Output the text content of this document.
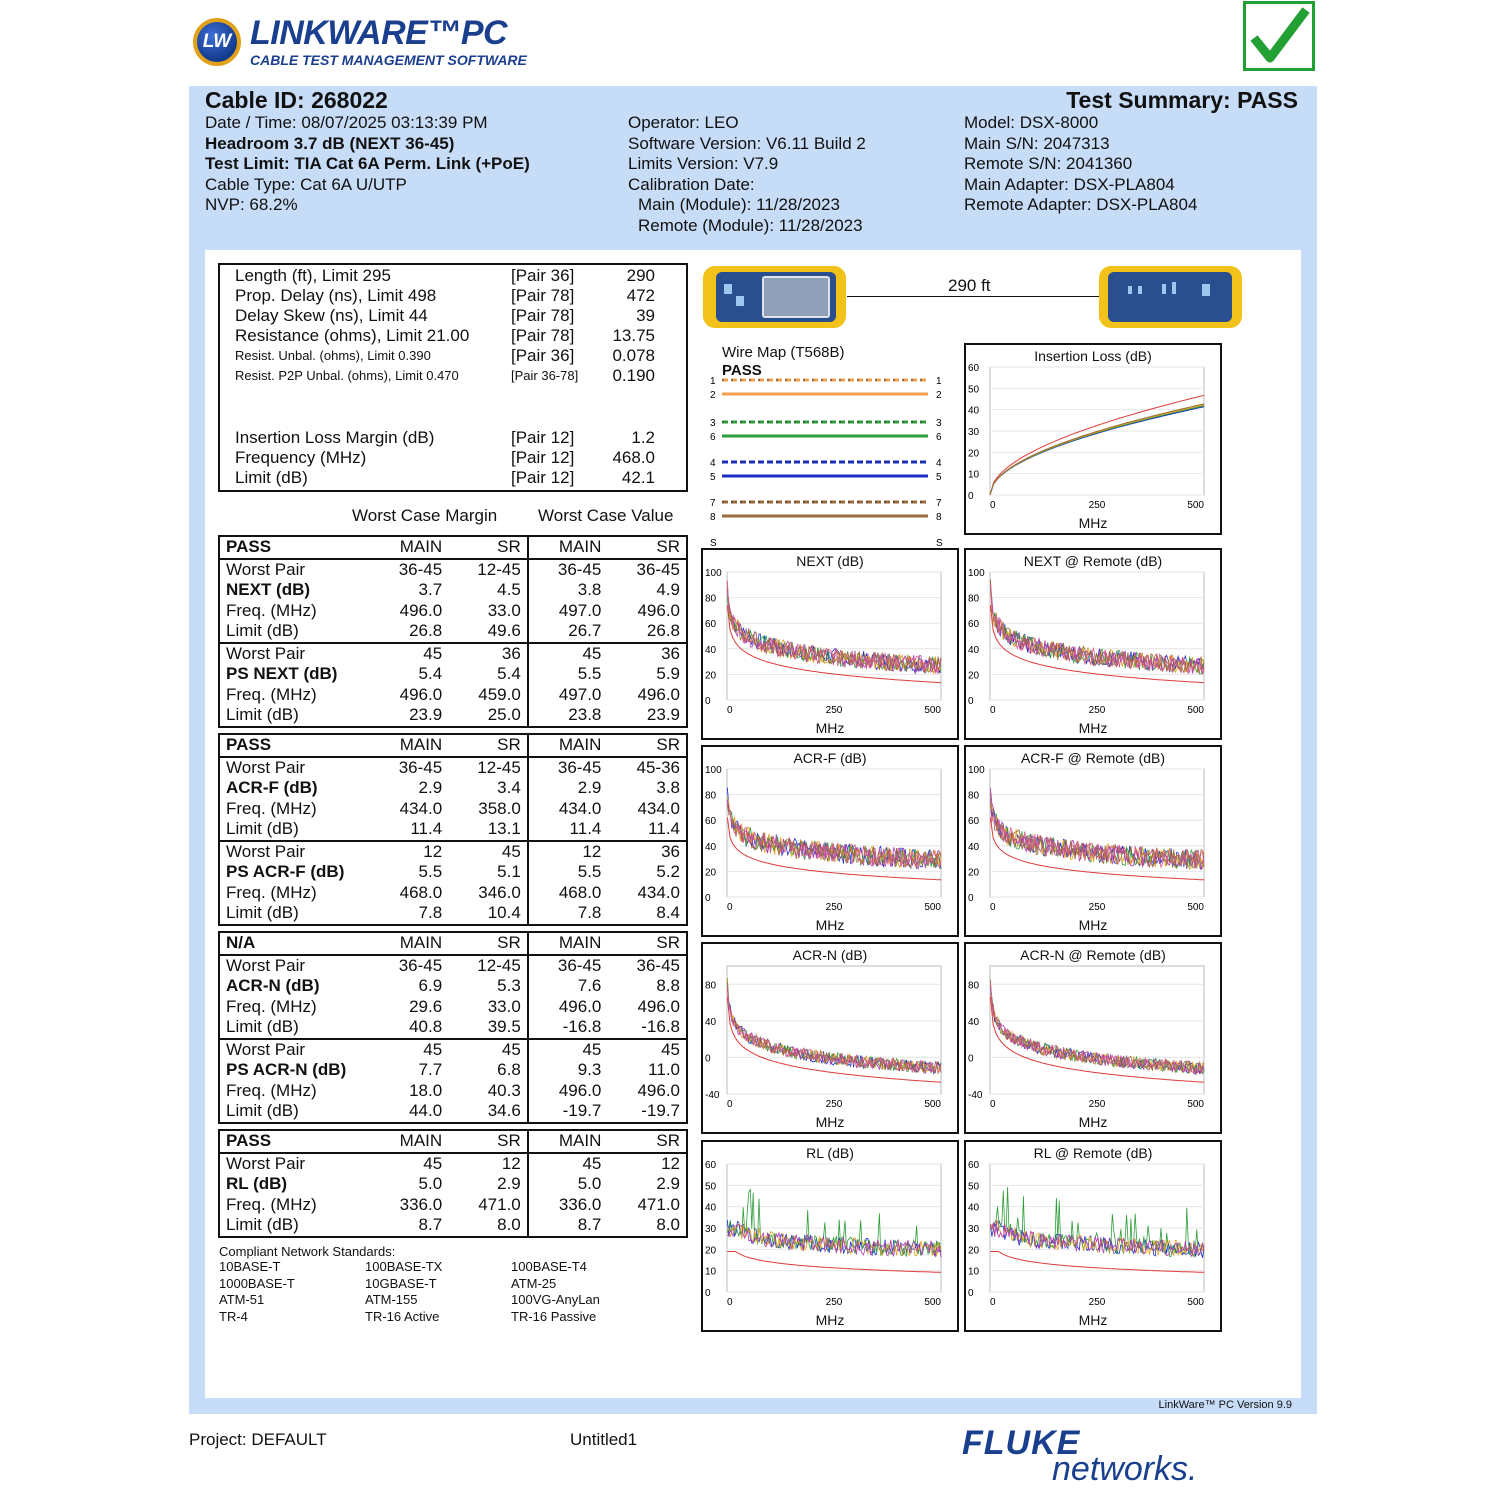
LW LINKWARE™PC
CABLE TEST MANAGEMENT SOFTWARE
Cable ID: 268022	Test Summary: PASS
Date / Time: 08/07/2025 03:13:39 PM
Headroom 3.7 dB (NEXT 36-45)
Test Limit: TIA Cat 6A Perm. Link (+PoE)
Cable Type: Cat 6A U/UTP
NVP: 68.2%
Operator: LEO
Software Version: V6.11 Build 2
Limits Version: V7.9
Calibration Date:
Main (Module): 11/28/2023
Remote (Module): 11/28/2023
Model: DSX-8000
Main S/N: 2047313
Remote S/N: 2041360
Main Adapter: DSX-PLA804
Remote Adapter: DSX-PLA804
Length (ft), Limit 295	[Pair 36]	290
Prop. Delay (ns), Limit 498	[Pair 78]	472
Delay Skew (ns), Limit 44	[Pair 78]	39
Resistance (ohms), Limit 21.00 [Pair 78] 13.75
Resist. Unbal. (ohms), Limit 0.390	[Pair 36] 0.078
Resist. P2P Unbal. (ohms), Limit 0.470	[Pair 36-78] 0.190
Insertion Loss Margin (dB)	[Pair 12]	1.2
Frequency (MHz)	[Pair 12] 468.0
Limit (dB)	[Pair 12]	42.1
Worst Case Margin Worst Case Value
PASS	MAIN	SR	MAIN	SR
Worst Pair	36-45	12-45	36-45	36-45
NEXT (dB)	3.7	4.5	3.8	4.9
Freq. (MHz)	496.0	33.0	497.0	496.0
Limit (dB)	26.8	49.6	26.7	26.8
Worst Pair	45	36	45	36
PS NEXT (dB)	5.4	5.4	5.5	5.9
Freq. (MHz)	496.0	459.0	497.0	496.0
Limit (dB)	23.9	25.0	23.8	23.9
PASS	MAIN	SR	MAIN	SR
Worst Pair	36-45	12-45	36-45	45-36
ACR-F (dB)	2.9	3.4	2.9	3.8
Freq. (MHz)	434.0	358.0	434.0	434.0
Limit (dB)	11.4	13.1	11.4	11.4
Worst Pair	12	45	12	36
PS ACR-F (dB)	5.5	5.1	5.5	5.2
Freq. (MHz)	468.0	346.0	468.0	434.0
Limit (dB)	7.8	10.4	7.8	8.4
N/A	MAIN	SR	MAIN	SR
Worst Pair	36-45	12-45	36-45	36-45
ACR-N (dB)	6.9	5.3	7.6	8.8
Freq. (MHz)	29.6	33.0	496.0	496.0
Limit (dB)	40.8	39.5	-16.8	-16.8
Worst Pair	45	45	45	45
PS ACR-N (dB)	7.7	6.8	9.3	11.0
Freq. (MHz)	18.0	40.3	496.0	496.0
Limit (dB)	44.0	34.6	-19.7	-19.7
PASS	MAIN	SR	MAIN	SR
Worst Pair	45	12	45	12
RL (dB)	5.0	2.9	5.0	2.9
Freq. (MHz)	336.0	471.0	336.0	471.0
Limit (dB)	8.7	8.0	8.7	8.0
Compliant Network Standards:
10BASE-T	100BASE-TX	100BASE-T4
1000BASE-T	10GBASE-T	ATM-25
ATM-51	ATM-155	100VG-AnyLan
TR-4	TR-16 Active	TR-16 Passive
290 ft
Wire Map (T568B)
PASS
1	1
2	2
3	3
6	6
4	4
5	5
7	7
8	8
S	S
Insertion Loss (dB)
MHz
0
10
20
30
40
50
60
0	250	500
NEXT (dB)
MHz
0
20
40
60
80
100
0	250	500
NEXT @ Remote (dB)
MHz
0
20
40
60
80
100
0	250	500
ACR-F (dB)
MHz
0
20
40
60
80
100
0	250	500
ACR-F @ Remote (dB)
MHz
0
20
40
60
80
100
0	250	500
ACR-N (dB)
MHz
-40
0
40
80
0	250	500
ACR-N @ Remote (dB)
MHz
-40
0
40
80
0	250	500
RL (dB)
MHz
0
10
20
30
40
50
60
0	250	500
RL @ Remote (dB)
MHz
0
10
20
30
40
50
60
0	250	500
LinkWare™ PC Version 9.9
Project: DEFAULT	Untitled1	FLUKE
networks.
